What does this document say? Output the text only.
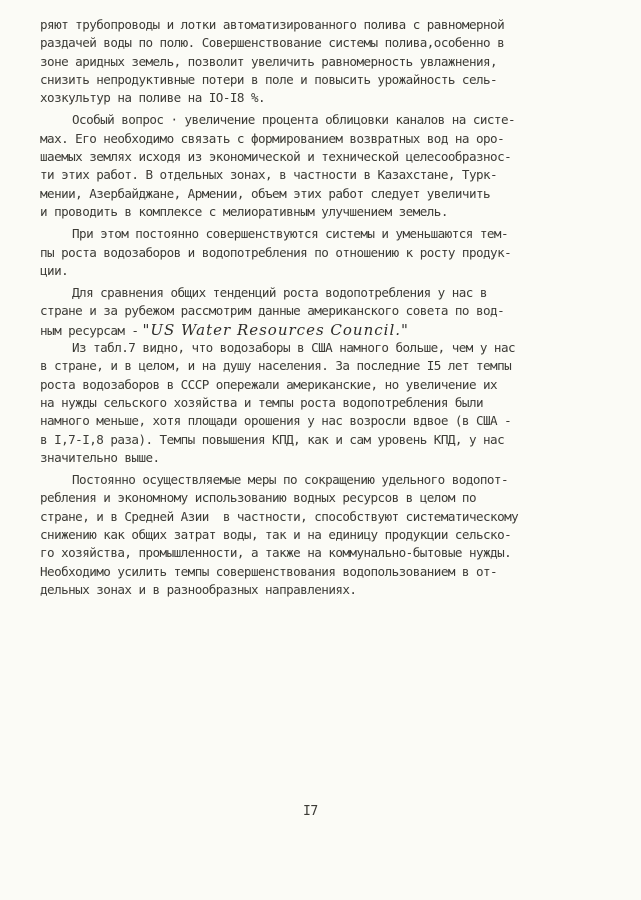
ряют трубопроводы и лотки автоматизированного полива с равномерной
раздачей воды по полю. Совершенствование системы полива,особенно в
зоне аридных земель, позволит увеличить равномерность увлажнения,
снизить непродуктивные потери в поле и повысить урожайность сель-
хозкультур на поливе на IO-I8 %.
Особый вопрос · увеличение процента облицовки каналов на систе-
мах. Его необходимо связать с формированием возвратных вод на оро-
шаемых землях исходя из экономической и технической целесообразнос-
ти этих работ. В отдельных зонах, в частности в Казахстане, Турк-
мении, Азербайджане, Армении, объем этих работ следует увеличить
и проводить в комплексе с мелиоративным улучшением земель.
При этом постоянно совершенствуются системы и уменьшаются тем-
пы роста водозаборов и водопотребления по отношению к росту продук-
ции.
Для сравнения общих тенденций роста водопотребления у нас в
стране и за рубежом рассмотрим данные американского совета по вод-
ным ресурсам - "US Water Resources Council."
Из табл.7 видно, что водозаборы в США намного больше, чем у нас
в стране, и в целом, и на душу населения. За последние I5 лет темпы
роста водозаборов в СССР опережали американские, но увеличение их
на нужды сельского хозяйства и темпы роста водопотребления были
намного меньше, хотя площади орошения у нас возросли вдвое (в США -
в I,7-I,8 раза). Темпы повышения КПД, как и сам уровень КПД, у нас
значительно выше.
Постоянно осуществляемые меры по сокращению удельного водопот-
ребления и экономному использованию водных ресурсов в целом по
стране, и в Средней Азии  в частности, способствуют систематическому
снижению как общих затрат воды, так и на единицу продукции сельско-
го хозяйства, промышленности, а также на коммунально-бытовые нужды.
Необходимо усилить темпы совершенствования водопользованием в от-
дельных зонах и в разнообразных направлениях.
I7
